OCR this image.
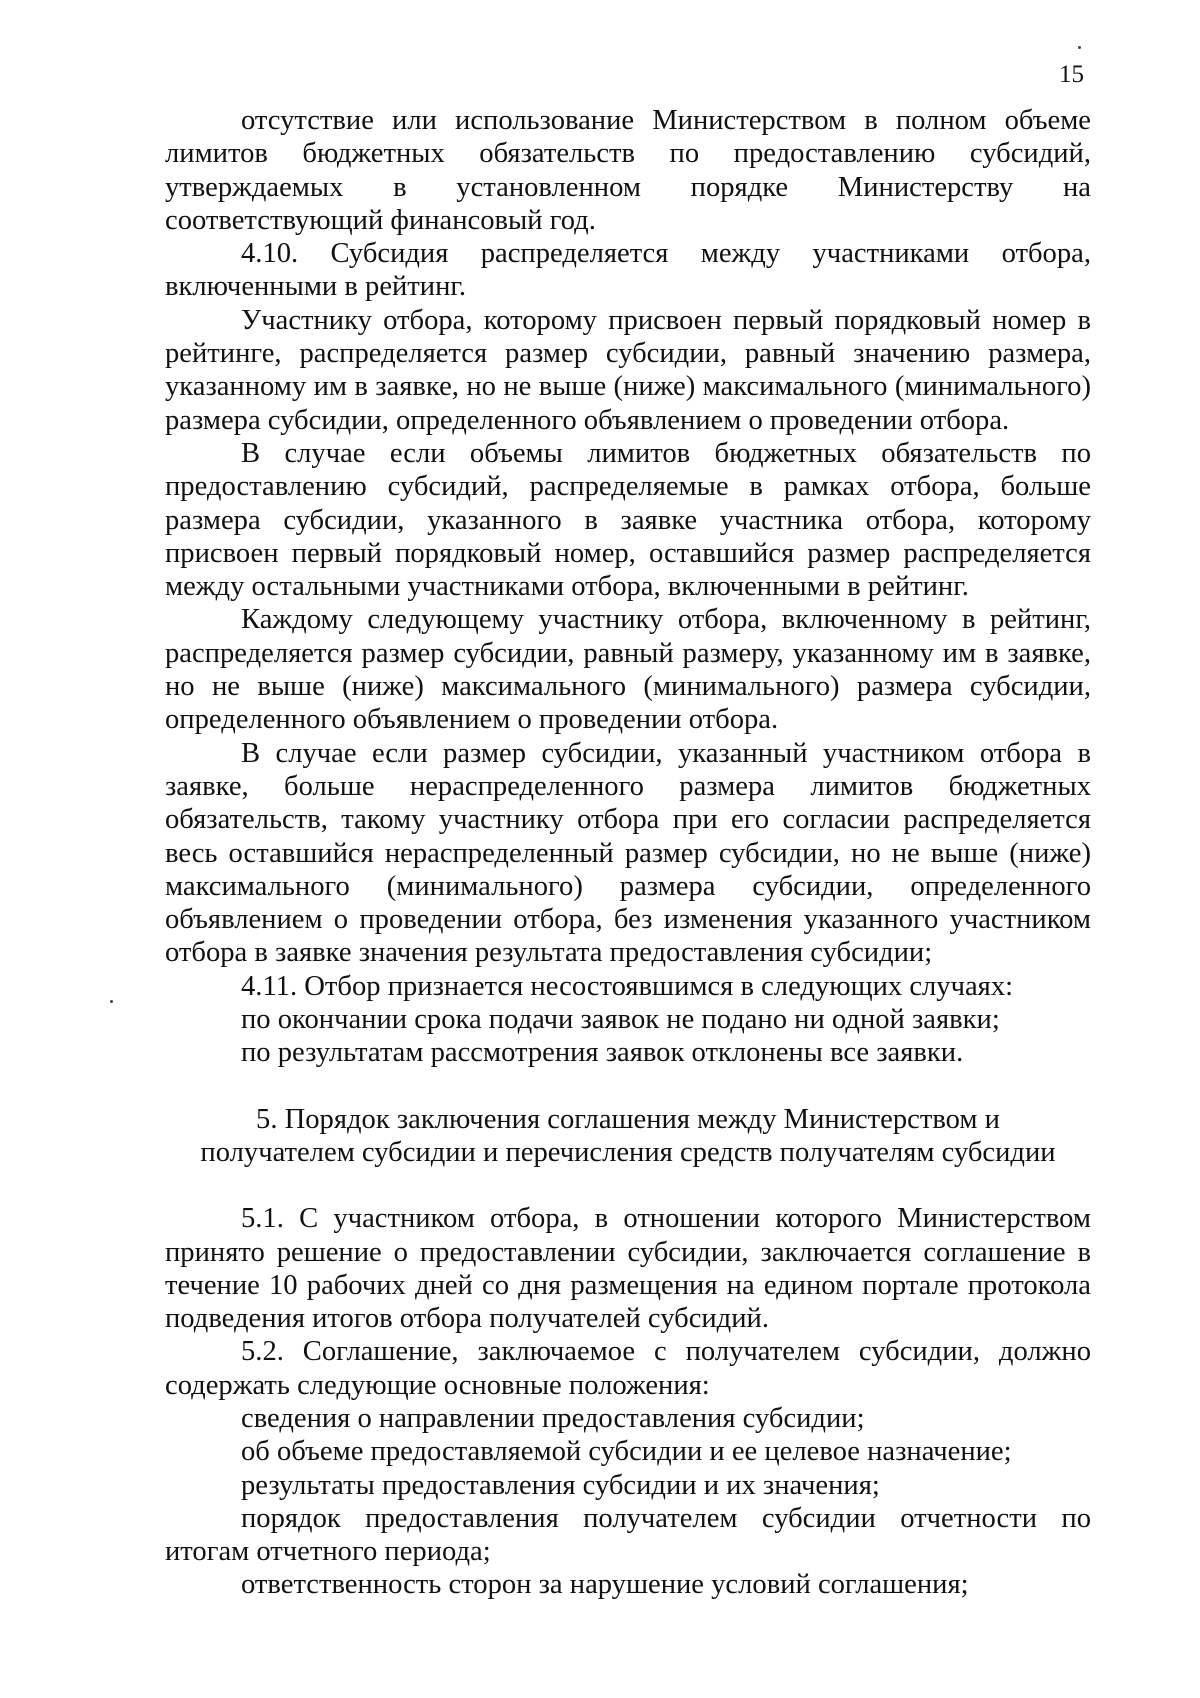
15

отсутствие или использование Министерством в полном объеме лимитов бюджетных обязательств по предоставлению субсидий, утверждаемых в установленном порядке Министерству на соответствующий финансовый год.

4.10. Субсидия распределяется между участниками отбора, включенными в рейтинг.

Участнику отбора, которому присвоен первый порядковый номер в рейтинге, распределяется размер субсидии, равный значению размера, указанному им в заявке, но не выше (ниже) максимального (минимального) размера субсидии, определенного объявлением о проведении отбора.

В случае если объемы лимитов бюджетных обязательств по предоставлению субсидий, распределяемые в рамках отбора, больше размера субсидии, указанного в заявке участника отбора, которому присвоен первый порядковый номер, оставшийся размер распределяется между остальными участниками отбора, включенными в рейтинг.

Каждому следующему участнику отбора, включенному в рейтинг, распределяется размер субсидии, равный размеру, указанному им в заявке, но не выше (ниже) максимального (минимального) размера субсидии, определенного объявлением о проведении отбора.

В случае если размер субсидии, указанный участником отбора в заявке, больше нераспределенного размера лимитов бюджетных обязательств, такому участнику отбора при его согласии распределяется весь оставшийся нераспределенный размер субсидии, но не выше (ниже) максимального (минимального) размера субсидии, определенного объявлением о проведении отбора, без изменения указанного участником отбора в заявке значения результата предоставления субсидии;

4.11. Отбор признается несостоявшимся в следующих случаях:

по окончании срока подачи заявок не подано ни одной заявки;

по результатам рассмотрения заявок отклонены все заявки.

5. Порядок заключения соглашения между Министерством и
получателем субсидии и перечисления средств получателям субсидии

5.1. С участником отбора, в отношении которого Министерством принято решение о предоставлении субсидии, заключается соглашение в течение 10 рабочих дней со дня размещения на едином портале протокола подведения итогов отбора получателей субсидий.

5.2. Соглашение, заключаемое с получателем субсидии, должно содержать следующие основные положения:

сведения о направлении предоставления субсидии;

об объеме предоставляемой субсидии и ее целевое назначение;

результаты предоставления субсидии и их значения;

порядок предоставления получателем субсидии отчетности по итогам отчетного периода;

ответственность сторон за нарушение условий соглашения;
